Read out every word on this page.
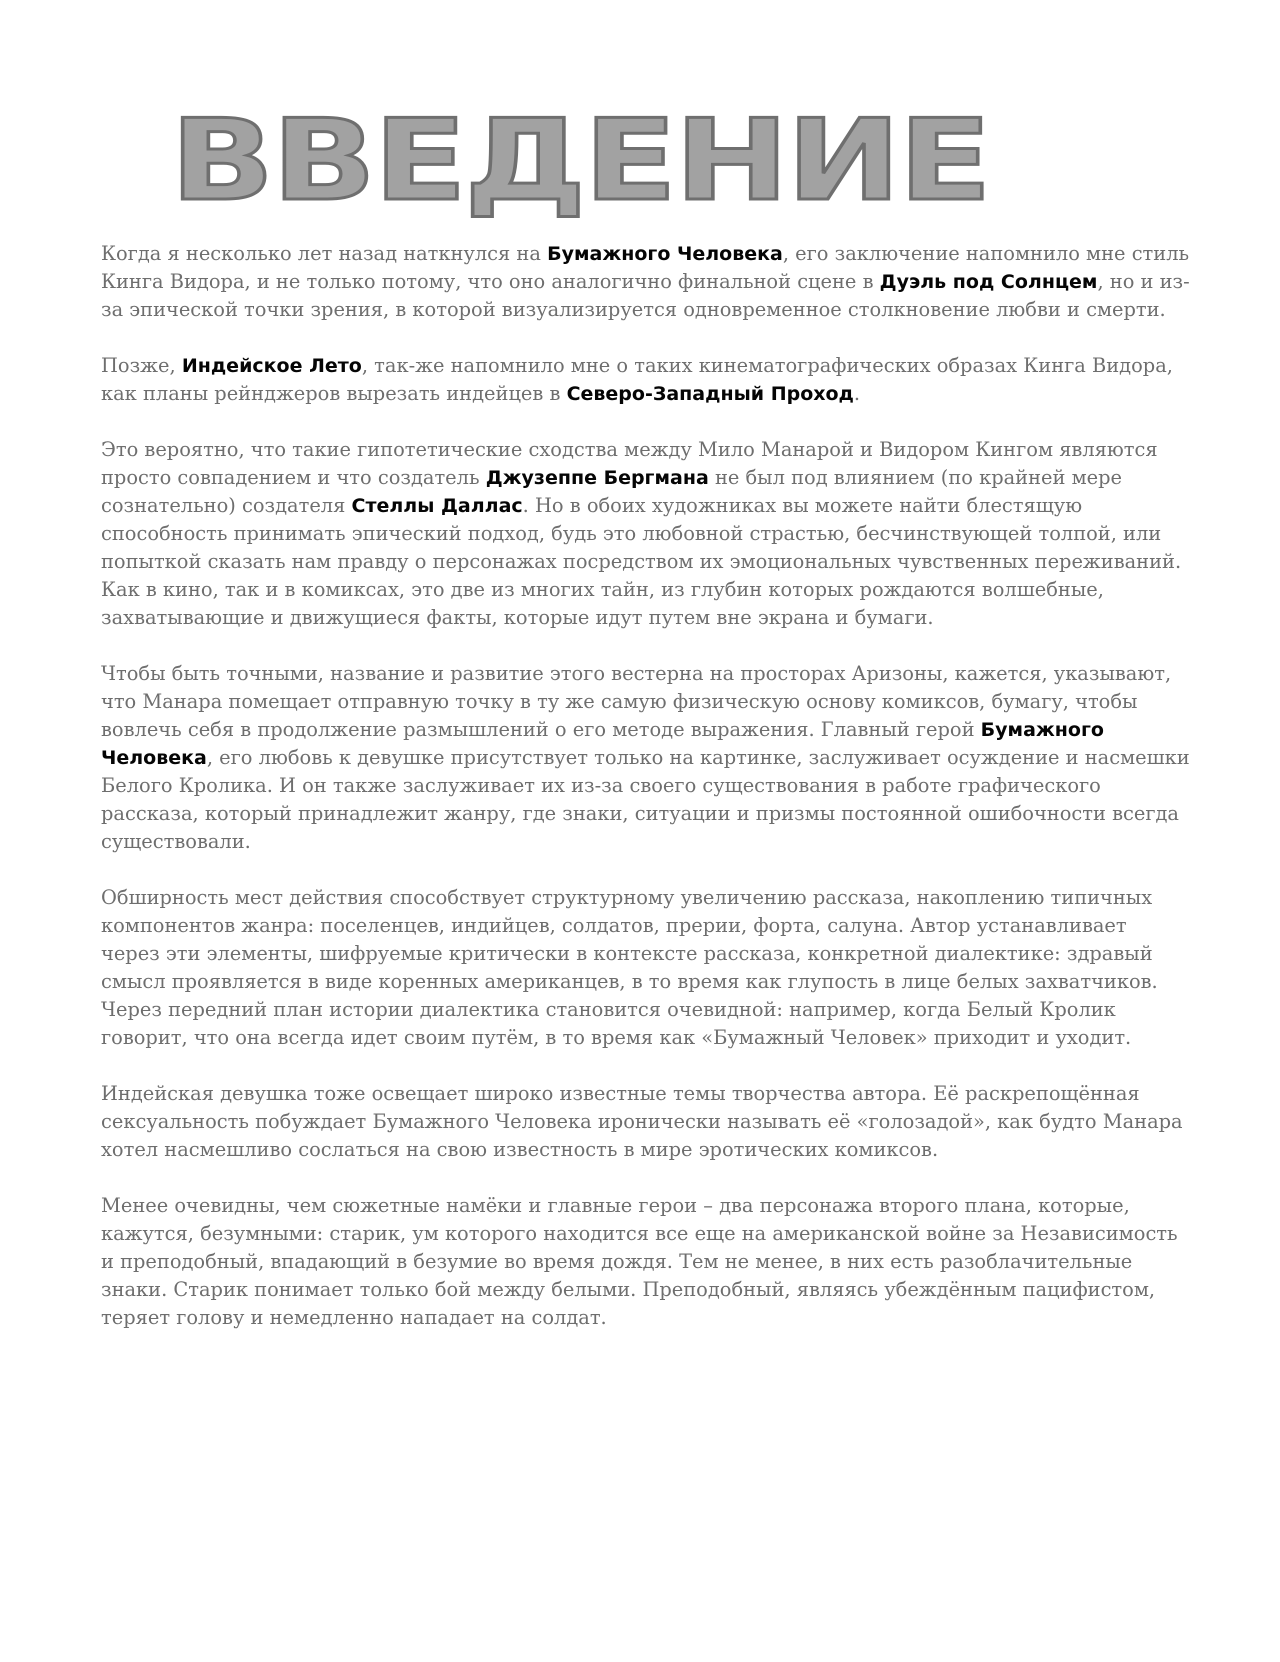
ВВЕДЕНИЕ

Когда я несколько лет назад наткнулся на Бумажного Человека, его заключение напомнило мне стиль Кинга Видора, и не только потому, что оно аналогично финальной сцене в Дуэль под Солнцем, но и из-за эпической точки зрения, в которой визуализируется одновременное столкновение любви и смерти.

Позже, Индейское Лето, так-же напомнило мне о таких кинематографических образах Кинга Видора, как планы рейнджеров вырезать индейцев в Северо-Западный Проход.

Это вероятно, что такие гипотетические сходства между Мило Манарой и Видором Кингом являются просто совпадением и что создатель Джузеппе Бергмана не был под влиянием (по крайней мере сознательно) создателя Стеллы Даллас. Но в обоих художниках вы можете найти блестящую способность принимать эпический подход, будь это любовной страстью, бесчинствующей толпой, или попыткой сказать нам правду о персонажах посредством их эмоциональных чувственных переживаний. Как в кино, так и в комиксах, это две из многих тайн, из глубин которых рождаются волшебные, захватывающие и движущиеся факты, которые идут путем вне экрана и бумаги.

Чтобы быть точными, название и развитие этого вестерна на просторах Аризоны, кажется, указывают, что Манара помещает отправную точку в ту же самую физическую основу комиксов, бумагу, чтобы вовлечь себя в продолжение размышлений о его методе выражения. Главный герой Бумажного Человека, его любовь к девушке присутствует только на картинке, заслуживает осуждение и насмешки Белого Кролика. И он также заслуживает их из-за своего существования в работе графического рассказа, который принадлежит жанру, где знаки, ситуации и призмы постоянной ошибочности всегда существовали.

Обширность мест действия способствует структурному увеличению рассказа, накоплению типичных компонентов жанра: поселенцев, индийцев, солдатов, прерии, форта, салуна. Автор устанавливает через эти элементы, шифруемые критически в контексте рассказа, конкретной диалектике: здравый смысл проявляется в виде коренных американцев, в то время как глупость в лице белых захватчиков. Через передний план истории диалектика становится очевидной: например, когда Белый Кролик говорит, что она всегда идет своим путём, в то время как «Бумажный Человек» приходит и уходит.

Индейская девушка тоже освещает широко известные темы творчества автора. Её раскрепощённая сексуальность побуждает Бумажного Человека иронически называть её «голозадой», как будто Манара хотел насмешливо сослаться на свою известность в мире эротических комиксов.

Менее очевидны, чем сюжетные намёки и главные герои – два персонажа второго плана, которые, кажутся, безумными: старик, ум которого находится все еще на американской войне за Независимость и преподобный, впадающий в безумие во время дождя. Тем не менее, в них есть разоблачительные знаки. Старик понимает только бой между белыми. Преподобный, являясь убеждённым пацифистом, теряет голову и немедленно нападает на солдат.
